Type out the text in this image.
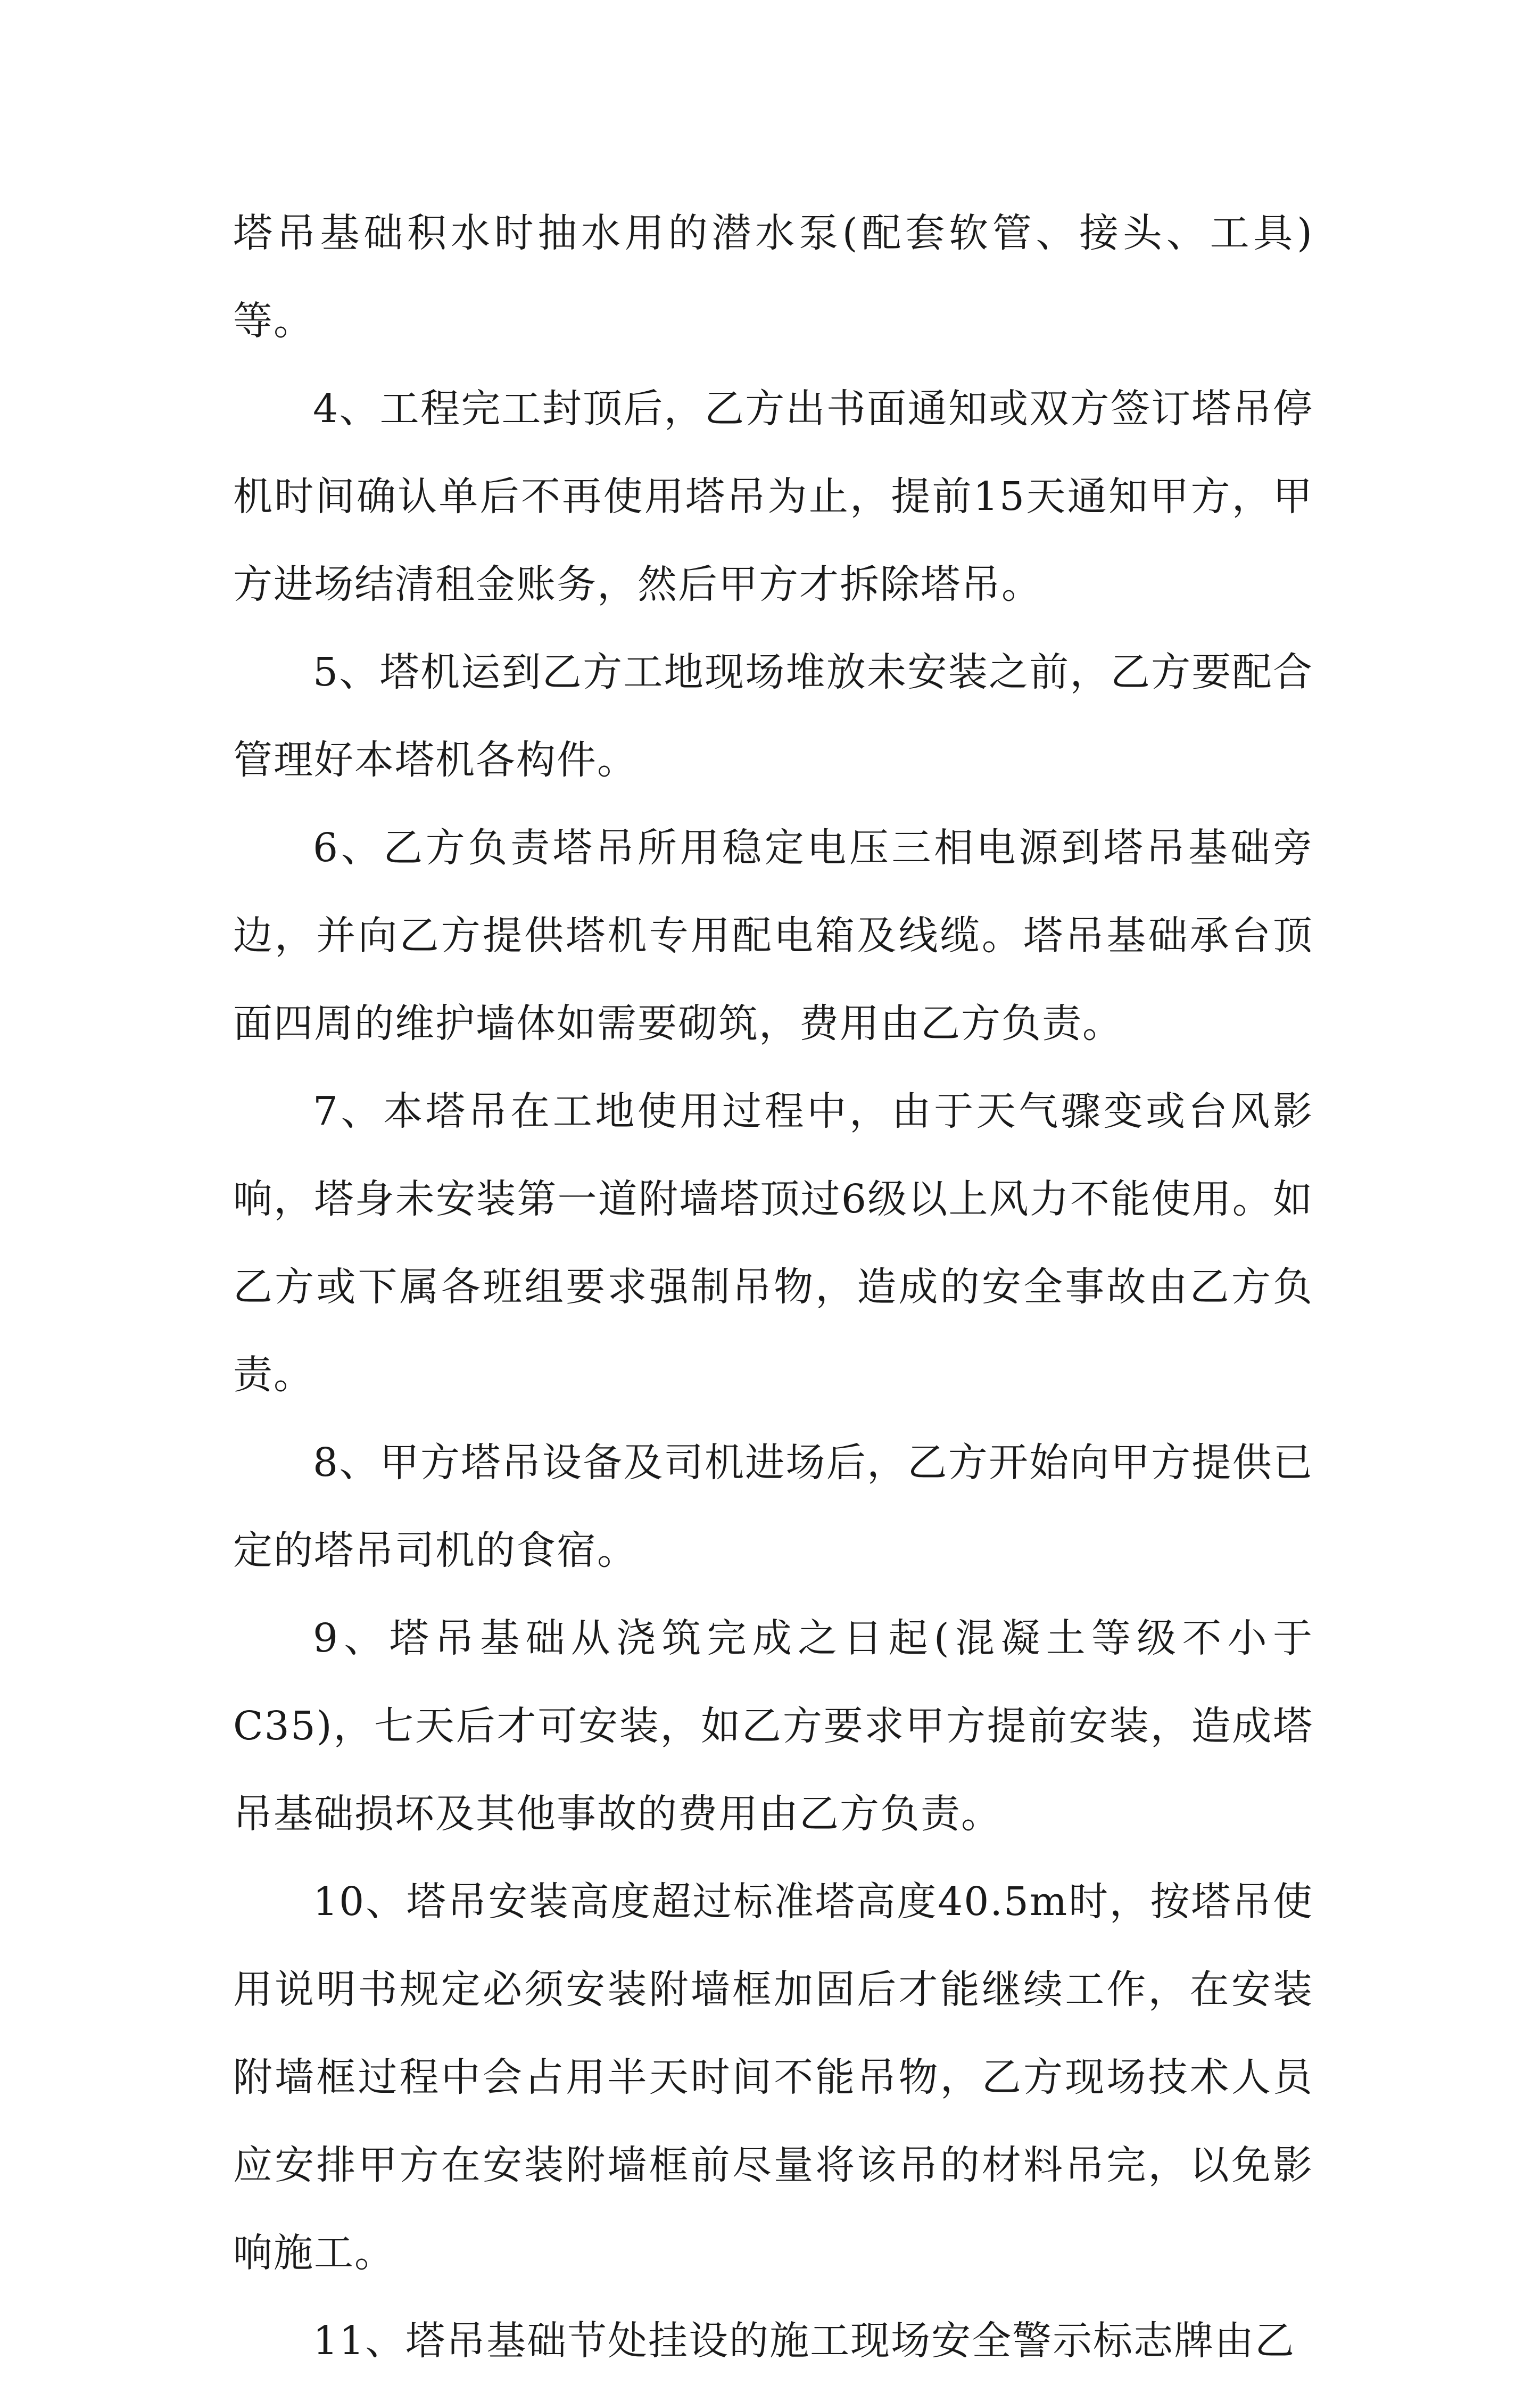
塔吊基础积水时抽水用的潜水泵(配套软管、接头、工具)等。

4、工程完工封顶后，乙方出书面通知或双方签订塔吊停机时间确认单后不再使用塔吊为止，提前15天通知甲方，甲方进场结清租金账务，然后甲方才拆除塔吊。

5、塔机运到乙方工地现场堆放未安装之前，乙方要配合管理好本塔机各构件。

6、乙方负责塔吊所用稳定电压三相电源到塔吊基础旁边，并向乙方提供塔机专用配电箱及线缆。塔吊基础承台顶面四周的维护墙体如需要砌筑，费用由乙方负责。

7、本塔吊在工地使用过程中，由于天气骤变或台风影响，塔身未安装第一道附墙塔顶过6级以上风力不能使用。如乙方或下属各班组要求强制吊物，造成的安全事故由乙方负责。

8、甲方塔吊设备及司机进场后，乙方开始向甲方提供已定的塔吊司机的食宿。

9、塔吊基础从浇筑完成之日起(混凝土等级不小于C35)，七天后才可安装，如乙方要求甲方提前安装，造成塔吊基础损坏及其他事故的费用由乙方负责。

10、塔吊安装高度超过标准塔高度40.5m时，按塔吊使用说明书规定必须安装附墙框加固后才能继续工作，在安装附墙框过程中会占用半天时间不能吊物，乙方现场技术人员应安排甲方在安装附墙框前尽量将该吊的材料吊完，以免影响施工。

11、塔吊基础节处挂设的施工现场安全警示标志牌由乙
